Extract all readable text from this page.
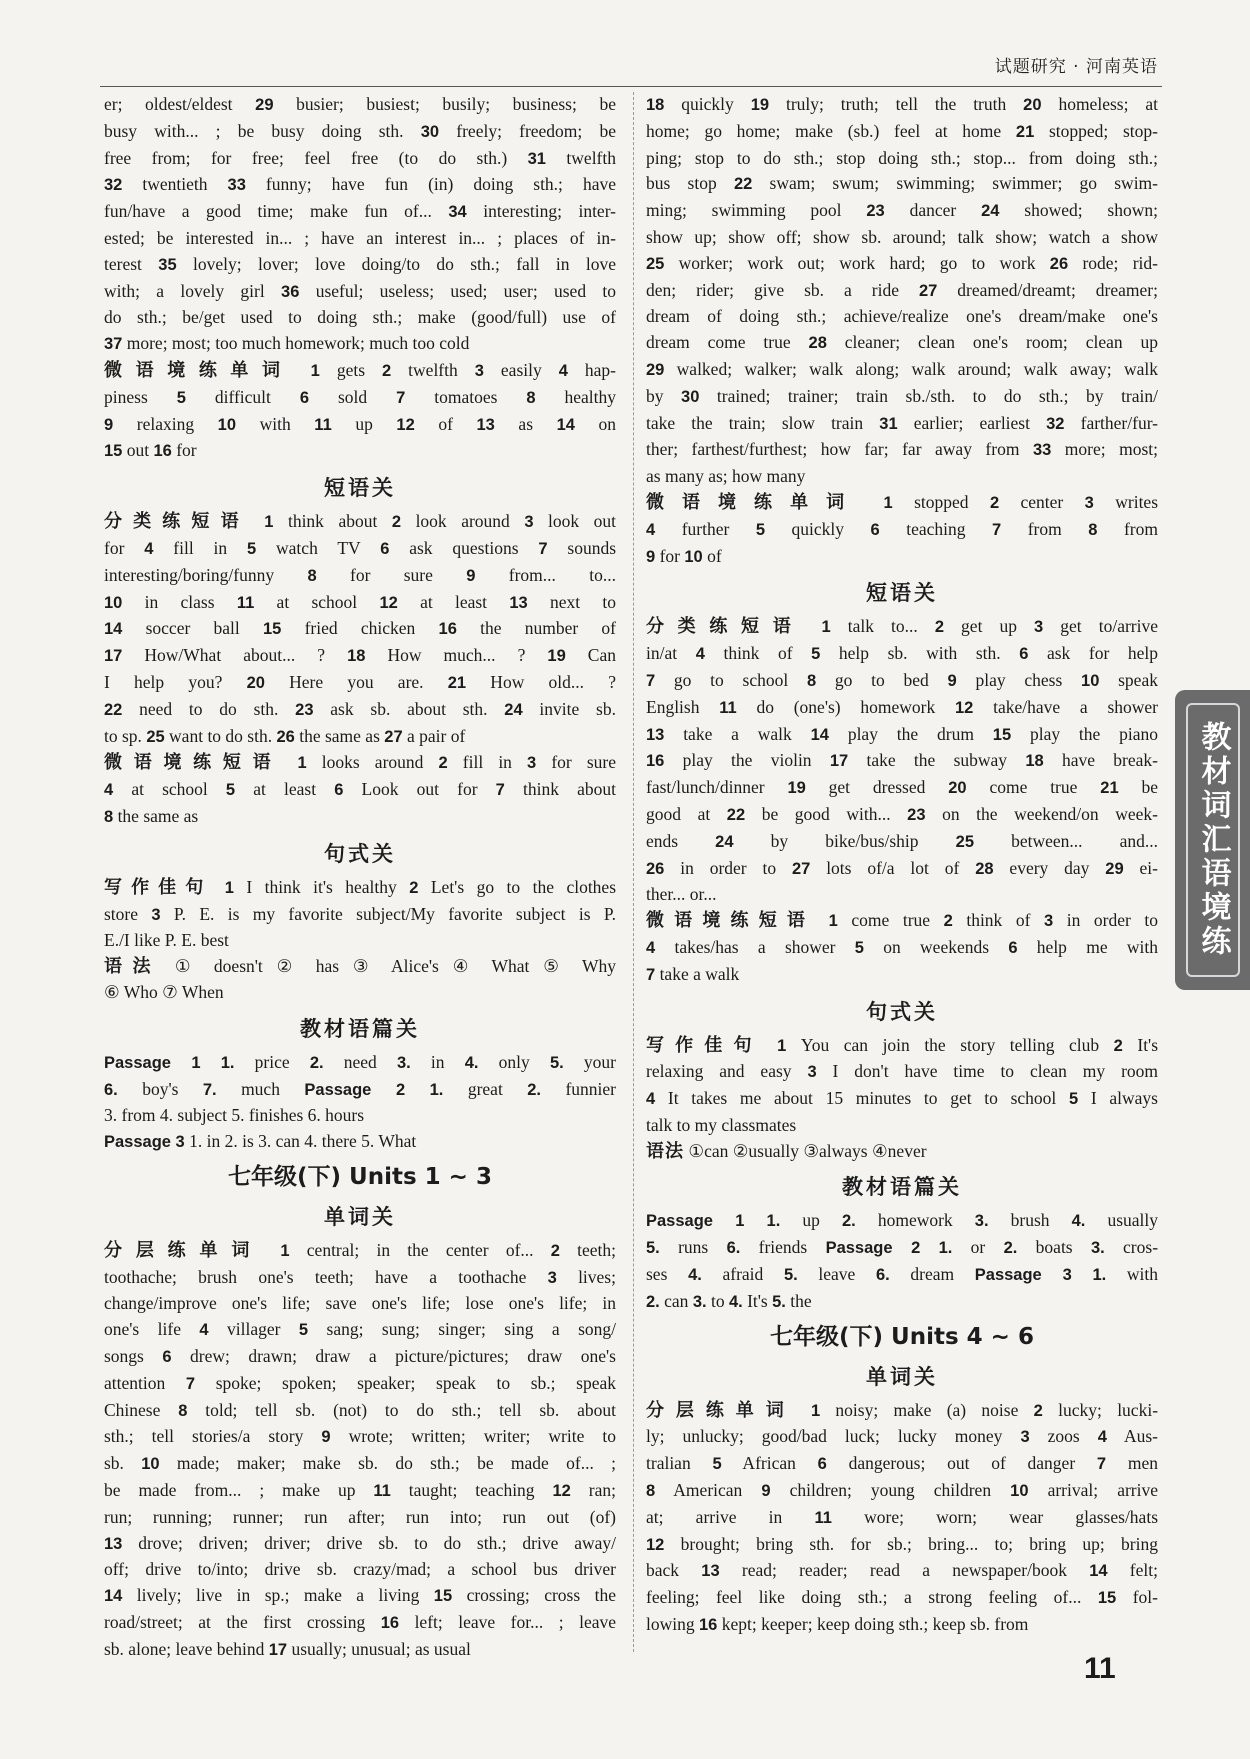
试题研究 · 河南英语

er; oldest/eldest 29 busier; busiest; busily; business; be

busy with... ; be busy doing sth. 30 freely; freedom; be

free from; for free; feel free (to do sth.) 31 twelfth

32 twentieth 33 funny; have fun (in) doing sth.; have

fun/have a good time; make fun of... 34 interesting; inter-

ested; be interested in... ; have an interest in... ; places of in-

terest 35 lovely; lover; love doing/to do sth.; fall in love

with; a lovely girl 36 useful; useless; used; user; used to

do sth.; be/get used to doing sth.; make (good/full) use of

37 more; most; too much homework; much too cold

微语境练单词 1 gets 2 twelfth 3 easily 4 hap-

piness 5 difficult 6 sold 7 tomatoes 8 healthy

9 relaxing 10 with 11 up 12 of 13 as 14 on

15 out 16 for

短语关

分类练短语 1 think about 2 look around 3 look out

for 4 fill in 5 watch TV 6 ask questions 7 sounds

interesting/boring/funny 8 for sure 9 from... to...

10 in class 11 at school 12 at least 13 next to

14 soccer ball 15 fried chicken 16 the number of

17 How/What about... ? 18 How much... ? 19 Can

I help you? 20 Here you are. 21 How old... ?

22 need to do sth. 23 ask sb. about sth. 24 invite sb.

to sp. 25 want to do sth. 26 the same as 27 a pair of

微语境练短语 1 looks around 2 fill in 3 for sure

4 at school 5 at least 6 Look out for 7 think about

8 the same as

句式关

写作佳句 1 I think it's healthy 2 Let's go to the clothes

store 3 P. E. is my favorite subject/My favorite subject is P.

E./I like P. E. best

语法 ① doesn't ② has ③ Alice's ④ What ⑤ Why

⑥ Who ⑦ When

教材语篇关

Passage 1 1. price 2. need 3. in 4. only 5. your

6. boy's 7. much Passage 2 1. great 2. funnier

3. from 4. subject 5. finishes 6. hours

Passage 3 1. in 2. is 3. can 4. there 5. What

七年级(下) Units 1 ~ 3
单词关

分层练单词 1 central; in the center of... 2 teeth;

toothache; brush one's teeth; have a toothache 3 lives;

change/improve one's life; save one's life; lose one's life; in

one's life 4 villager 5 sang; sung; singer; sing a song/

songs 6 drew; drawn; draw a picture/pictures; draw one's

attention 7 spoke; spoken; speaker; speak to sb.; speak

Chinese 8 told; tell sb. (not) to do sth.; tell sb. about

sth.; tell stories/a story 9 wrote; written; writer; write to

sb. 10 made; maker; make sb. do sth.; be made of... ;

be made from... ; make up 11 taught; teaching 12 ran;

run; running; runner; run after; run into; run out (of)

13 drove; driven; driver; drive sb. to do sth.; drive away/

off; drive to/into; drive sb. crazy/mad; a school bus driver

14 lively; live in sp.; make a living 15 crossing; cross the

road/street; at the first crossing 16 left; leave for... ; leave

sb. alone; leave behind 17 usually; unusual; as usual

18 quickly 19 truly; truth; tell the truth 20 homeless; at

home; go home; make (sb.) feel at home 21 stopped; stop-

ping; stop to do sth.; stop doing sth.; stop... from doing sth.;

bus stop 22 swam; swum; swimming; swimmer; go swim-

ming; swimming pool 23 dancer 24 showed; shown;

show up; show off; show sb. around; talk show; watch a show

25 worker; work out; work hard; go to work 26 rode; rid-

den; rider; give sb. a ride 27 dreamed/dreamt; dreamer;

dream of doing sth.; achieve/realize one's dream/make one's

dream come true 28 cleaner; clean one's room; clean up

29 walked; walker; walk along; walk around; walk away; walk

by 30 trained; trainer; train sb./sth. to do sth.; by train/

take the train; slow train 31 earlier; earliest 32 farther/fur-

ther; farthest/furthest; how far; far away from 33 more; most;

as many as; how many

微语境练单词 1 stopped 2 center 3 writes

4 further 5 quickly 6 teaching 7 from 8 from

9 for 10 of

短语关

分类练短语 1 talk to... 2 get up 3 get to/arrive

in/at 4 think of 5 help sb. with sth. 6 ask for help

7 go to school 8 go to bed 9 play chess 10 speak

English 11 do (one's) homework 12 take/have a shower

13 take a walk 14 play the drum 15 play the piano

16 play the violin 17 take the subway 18 have break-

fast/lunch/dinner 19 get dressed 20 come true 21 be

good at 22 be good with... 23 on the weekend/on week-

ends 24 by bike/bus/ship 25 between... and...

26 in order to 27 lots of/a lot of 28 every day 29 ei-

ther... or...

微语境练短语 1 come true 2 think of 3 in order to

4 takes/has a shower 5 on weekends 6 help me with

7 take a walk

句式关

写作佳句 1 You can join the story telling club 2 It's

relaxing and easy 3 I don't have time to clean my room

4 It takes me about 15 minutes to get to school 5 I always

talk to my classmates

语法 ①can ②usually ③always ④never

教材语篇关

Passage 1 1. up 2. homework 3. brush 4. usually

5. runs 6. friends Passage 2 1. or 2. boats 3. cros-

ses 4. afraid 5. leave 6. dream Passage 3 1. with

2. can 3. to 4. It's 5. the

七年级(下) Units 4 ~ 6
单词关

分层练单词 1 noisy; make (a) noise 2 lucky; lucki-

ly; unlucky; good/bad luck; lucky money 3 zoos 4 Aus-

tralian 5 African 6 dangerous; out of danger 7 men

8 American 9 children; young children 10 arrival; arrive

at; arrive in 11 wore; worn; wear glasses/hats

12 brought; bring sth. for sb.; bring... to; bring up; bring

back 13 read; reader; read a newspaper/book 14 felt;

feeling; feel like doing sth.; a strong feeling of... 15 fol-

lowing 16 kept; keeper; keep doing sth.; keep sb. from

教材词汇语境练
11
